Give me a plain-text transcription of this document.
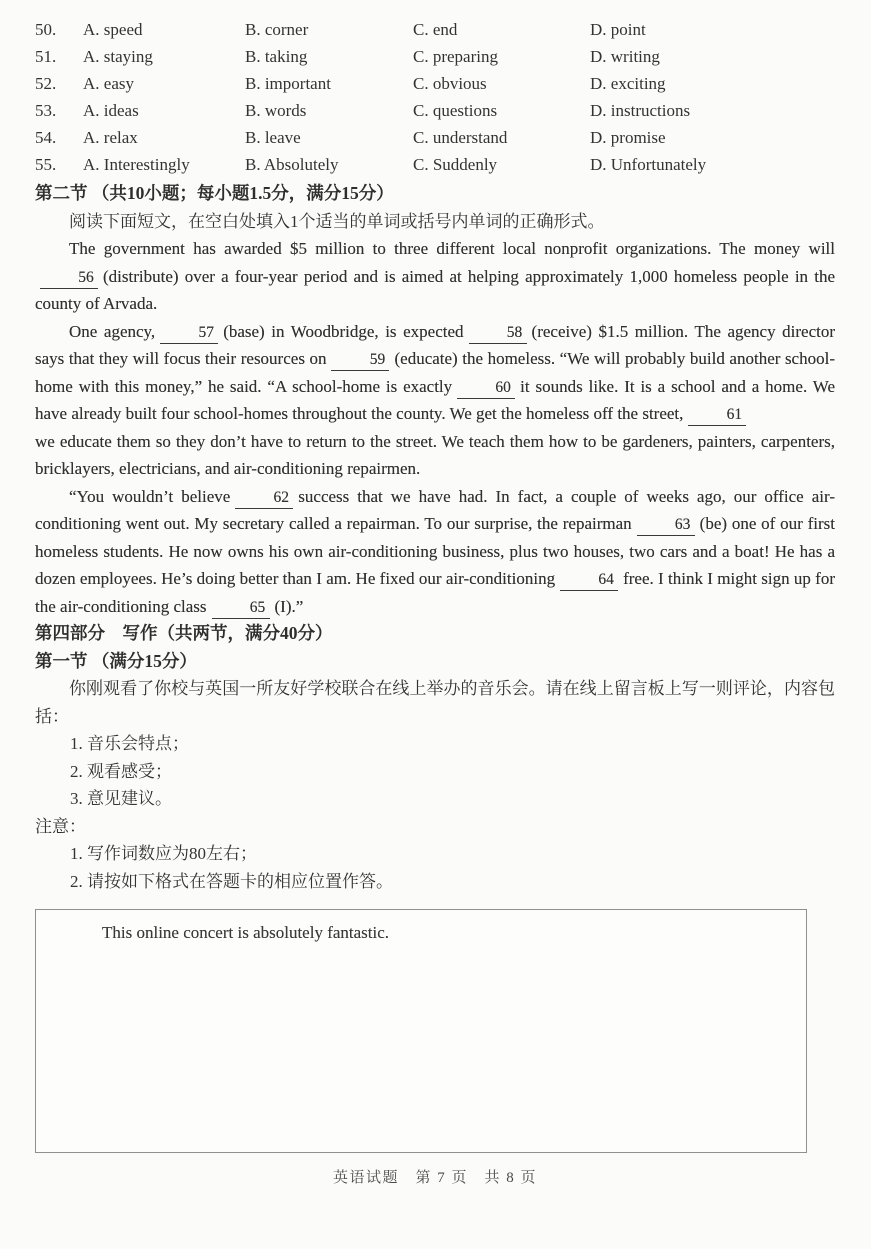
50. A. speed	B. corner	C. end	D. point
51. A. staying	B. taking	C. preparing	D. writing
52. A. easy	B. important	C. obvious	D. exciting
53. A. ideas	B. words	C. questions	D. instructions
54. A. relax	B. leave	C. understand	D. promise
55. A. Interestingly	B. Absolutely	C. Suddenly	D. Unfortunately

第二节 （共10小题；每小题1.5分，满分15分）

阅读下面短文，在空白处填入1个适当的单词或括号内单词的正确形式。

The government has awarded $5 million to three different local nonprofit organizations. The money will56 (distribute) over a four-year period and is aimed at helping approximately 1,000 homeless people in the county of Arvada.

One agency,	57 (base) in Woodbridge, is expected	58 (receive) $1.5 million. The agency director says that they will focus their resources on	59 (educate) the homeless. “We will probably build another school-home with this money,” he said. “A school-home is exactly	60 it sounds like. It is a school and a home. We have already built four school-homes throughout the county. We get the homeless off the street,	61

we educate them so they don’t have to return to the street. We teach them how to be gardeners, painters, carpenters, bricklayers, electricians, and air-conditioning repairmen.

“You wouldn’t believe	62 success that we have had. In fact, a couple of weeks ago, our office air-conditioning went out. My secretary called a repairman. To our surprise, the repairman	63 (be) one of our first homeless students. He now owns his own air-conditioning business, plus two houses, two cars and a boat! He has a dozen employees. He’s doing better than I am. He fixed our air-conditioning	64 free. I think I might sign up for the air-conditioning class	65 (I).”

第四部分　写作（共两节，满分40分）

第一节 （满分15分）

你刚观看了你校与英国一所友好学校联合在线上举办的音乐会。请在线上留言板上写一则评论，内容包括：

1. 音乐会特点；
2. 观看感受；
3. 意见建议。

注意：

1. 写作词数应为80左右；
2. 请按如下格式在答题卡的相应位置作答。

This online concert is absolutely fantastic.

英语试题　第 7 页　共 8 页
